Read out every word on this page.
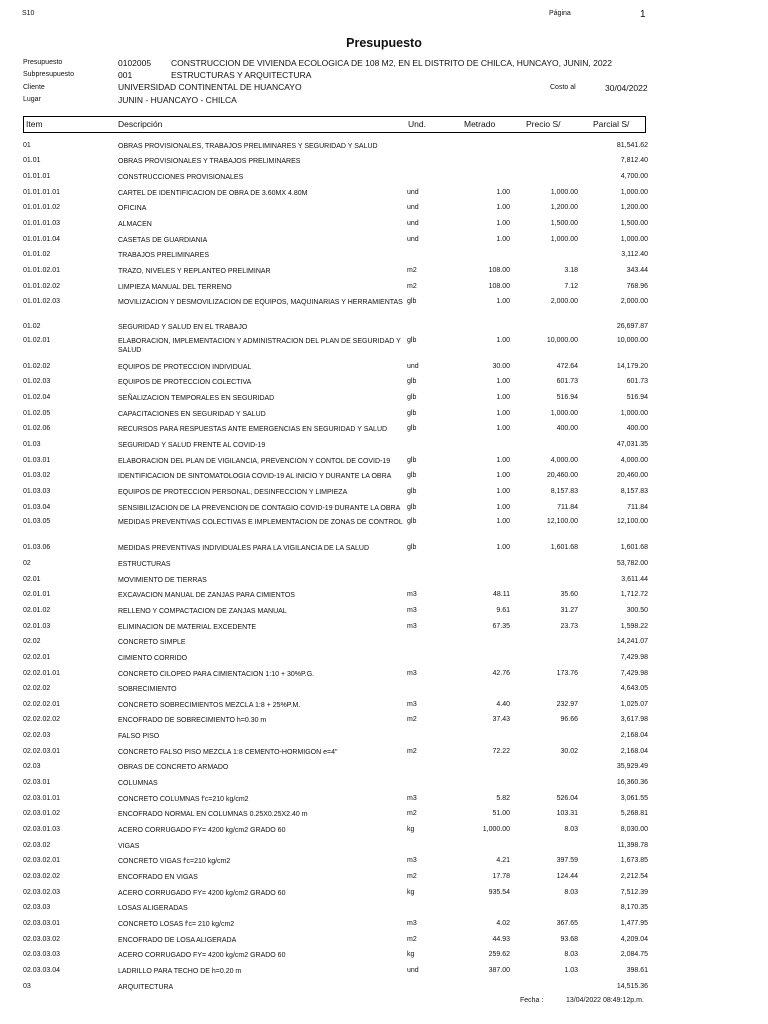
S10	Página	1
Presupuesto
Presupuesto	0102005 CONSTRUCCION DE VIVIENDA ECOLOGICA DE 108 M2, EN EL DISTRITO DE CHILCA, HUNCAYO, JUNIN, 2022
Subpresupuesto	001	ESTRUCTURAS Y ARQUITECTURA
Cliente	UNIVERSIDAD CONTINENTAL DE HUANCAYO	Costo al	30/04/2022
Lugar	JUNIN - HUANCAYO - CHILCA
Item	Descripción	Und.	Metrado	Precio S/	Parcial S/
01	OBRAS PROVISIONALES, TRABAJOS PRELIMINARES Y SEGURIDAD Y SALUD	81,541.62
01.01	OBRAS PROVISIONALES Y TRABAJOS PRELIMINARES	7,812.40
01.01.01	CONSTRUCCIONES PROVISIONALES	4,700.00
01.01.01.01	CARTEL DE IDENTIFICACION DE OBRA DE 3.60MX 4.80M	und	1.00	1,000.00	1,000.00
01.01.01.02	OFICINA	und	1.00	1,200.00	1,200.00
01.01.01.03	ALMACEN	und	1.00	1,500.00	1,500.00
01.01.01.04	CASETAS DE GUARDIANIA	und	1.00	1,000.00	1,000.00
01.01.02	TRABAJOS PRELIMINARES	3,112.40
01.01.02.01	TRAZO, NIVELES Y REPLANTEO PRELIMINAR	m2	108.00	3.18	343.44
01.01.02.02	LIMPIEZA MANUAL DEL TERRENO	m2	108.00	7.12	768.96
01.01.02.03	MOVILIZACION Y DESMOVILIZACION DE EQUIPOS, MAQUINARIAS Y HERRAMIENTAS glb	1.00	2,000.00	2,000.00
01.02	SEGURIDAD Y SALUD EN EL TRABAJO	26,697.87
01.02.01	ELABORACION, IMPLEMENTACION Y ADMINISTRACION DEL PLAN DE SEGURIDAD Y SALUD
glb	1.00	10,000.00	10,000.00
01.02.02	EQUIPOS DE PROTECCION INDIVIDUAL	und	30.00	472.64	14,179.20
01.02.03	EQUIPOS DE PROTECCION COLECTIVA	glb	1.00	601.73	601.73
01.02.04	SEÑALIZACION TEMPORALES EN SEGURIDAD	glb	1.00	516.94	516.94
01.02.05	CAPACITACIONES EN SEGURIDAD Y SALUD	glb	1.00	1,000.00	1,000.00
01.02.06	RECURSOS PARA RESPUESTAS ANTE EMERGENCIAS EN SEGURIDAD Y SALUD	glb	1.00	400.00	400.00
01.03	SEGURIDAD Y SALUD FRENTE AL COVID-19	47,031.35
01.03.01	ELABORACION DEL PLAN DE VIGILANCIA, PREVENCION Y CONTOL DE COVID-19	glb	1.00	4,000.00	4,000.00
01.03.02	IDENTIFICACION DE SINTOMATOLOGIA COVID-19 AL INICIO Y DURANTE LA OBRA	glb	1.00	20,460.00	20,460.00
01.03.03	EQUIPOS DE PROTECCION PERSONAL, DESINFECCION Y LIMPIEZA	glb	1.00	8,157.83	8,157.83
01.03.04	SENSIBILIZACION DE LA PREVENCION DE CONTAGIO COVID-19 DURANTE LA OBRA glb	1.00	711.84	711.84
01.03.05	MEDIDAS PREVENTIVAS COLECTIVAS E IMPLEMENTACION DE ZONAS DE CONTROL glb	1.00	12,100.00	12,100.00
01.03.06	MEDIDAS PREVENTIVAS INDIVIDUALES PARA LA VIGILANCIA DE LA SALUD	glb	1.00	1,601.68	1,601.68
02	ESTRUCTURAS	53,782.00
02.01	MOVIMIENTO DE TIERRAS	3,611.44
02.01.01	EXCAVACION MANUAL DE ZANJAS PARA CIMIENTOS	m3	48.11	35.60	1,712.72
02.01.02	RELLENO Y COMPACTACION DE ZANJAS MANUAL	m3	9.61	31.27	300.50
02.01.03	ELIMINACION DE MATERIAL EXCEDENTE	m3	67.35	23.73	1,598.22
02.02	CONCRETO SIMPLE	14,241.07
02.02.01	CIMIENTO CORRIDO	7,429.98
02.02.01.01	CONCRETO CILOPEO PARA CIMIENTACION 1:10 + 30%P.G.	m3	42.76	173.76	7,429.98
02.02.02	SOBRECIMIENTO	4,643.05
02.02.02.01	CONCRETO SOBRECIMIENTOS MEZCLA 1:8 + 25%P.M.	m3	4.40	232.97	1,025.07
02.02.02.02	ENCOFRADO DE SOBRECIMIENTO h=0.30 m	m2	37.43	96.66	3,617.98
02.02.03	FALSO PISO	2,168.04
02.02.03.01	CONCRETO FALSO PISO MEZCLA 1:8 CEMENTO-HORMIGON e=4"	m2	72.22	30.02	2,168.04
02.03	OBRAS DE CONCRETO ARMADO	35,929.49
02.03.01	COLUMNAS	16,360.36
02.03.01.01	CONCRETO COLUMNAS f'c=210 kg/cm2	m3	5.82	526.04	3,061.55
02.03.01.02	ENCOFRADO NORMAL EN COLUMNAS 0.25X0.25X2.40 m	m2	51.00	103.31	5,268.81
02.03.01.03	ACERO CORRUGADO FY= 4200 kg/cm2 GRADO 60	kg	1,000.00	8.03	8,030.00
02.03.02	VIGAS	11,398.78
02.03.02.01	CONCRETO VIGAS f'c=210 kg/cm2	m3	4.21	397.59	1,673.85
02.03.02.02	ENCOFRADO EN VIGAS	m2	17.78	124.44	2,212.54
02.03.02.03	ACERO CORRUGADO FY= 4200 kg/cm2 GRADO 60	kg	935.54	8.03	7,512.39
02.03.03	LOSAS ALIGERADAS	8,170.35
02.03.03.01	CONCRETO LOSAS f'c= 210 kg/cm2	m3	4.02	367.65	1,477.95
02.03.03.02	ENCOFRADO DE LOSA ALIGERADA	m2	44.93	93.68	4,209.04
02.03.03.03	ACERO CORRUGADO FY= 4200 kg/cm2 GRADO 60	kg	259.62	8.03	2,084.75
02.03.03.04	LADRILLO PARA TECHO DE h=0.20 m	und	387.00	1.03	398.61
03	ARQUITECTURA	14,515.36
Fecha :	13/04/2022 08:49:12p.m.
